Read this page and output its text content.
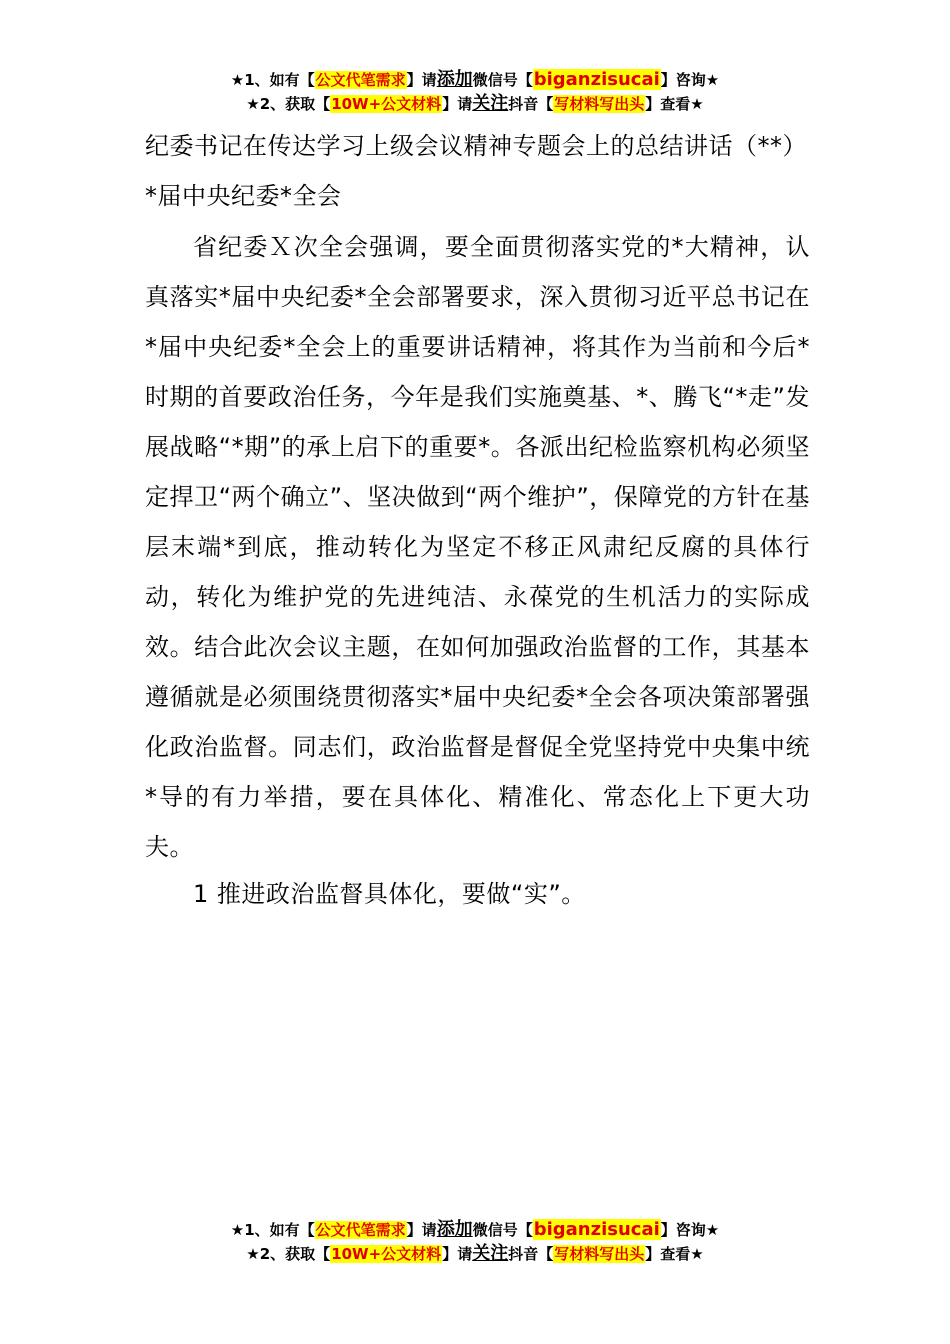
★1、如有【公文代笔需求】请添加微信号【biganzisucai】咨询★
★2、获取【10W+公文材料】请关注抖音【写材料写出头】查看★
纪委书记在传达学习上级会议精神专题会上的总结讲话（**）*届中央纪委*全会
省纪委Ｘ次全会强调，要全面贯彻落实党的*大精神，认真落实*届中央纪委*全会部署要求，深入贯彻习近平总书记在*届中央纪委*全会上的重要讲话精神，将其作为当前和今后*时期的首要政治任务，今年是我们实施奠基、*、腾飞“*走”发展战略“*期”的承上启下的重要*。各派出纪检监察机构必须坚定捍卫“两个确立”、坚决做到“两个维护”，保障党的方针在基层末端*到底，推动转化为坚定不移正风肃纪反腐的具体行动，转化为维护党的先进纯洁、永葆党的生机活力的实际成效。结合此次会议主题，在如何加强政治监督的工作，其基本遵循就是必须围绕贯彻落实*届中央纪委*全会各项决策部署强化政治监督。同志们，政治监督是督促全党坚持党中央集中统*导的有力举措，要在具体化、精准化、常态化上下更大功夫。
1 推进政治监督具体化，要做“实”。
★1、如有【公文代笔需求】请添加微信号【biganzisucai】咨询★
★2、获取【10W+公文材料】请关注抖音【写材料写出头】查看★
